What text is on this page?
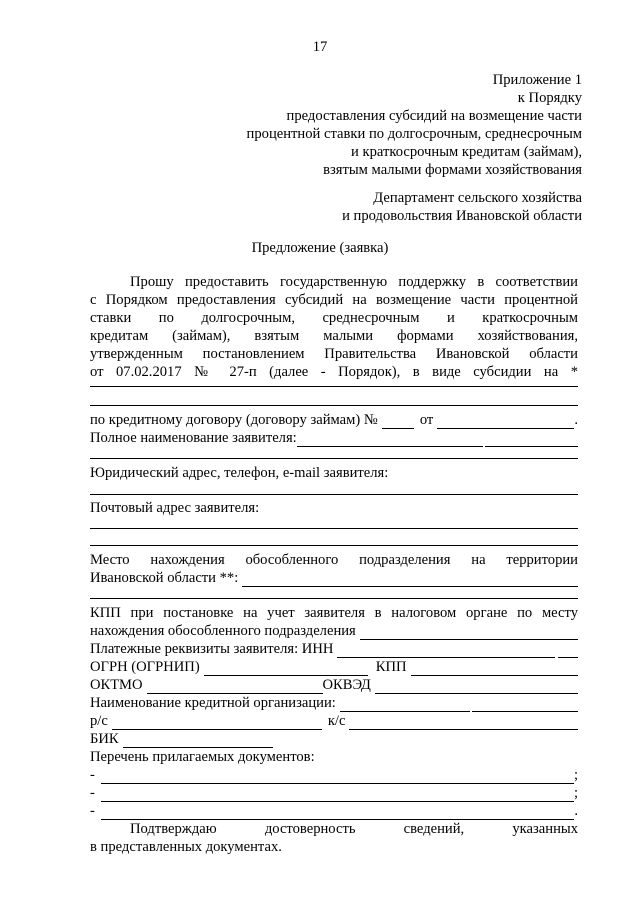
17
Приложение 1
к Порядку
предоставления субсидий на возмещение части
процентной ставки по долгосрочным, среднесрочным
и краткосрочным кредитам (займам),
взятым малыми формами хозяйствования
Департамент сельского хозяйства
и продовольствия Ивановской области
Предложение (заявка)
Прошу предоставить государственную поддержку в соответствии
с Порядком предоставления субсидий на возмещение части процентной
ставки по долгосрочным, среднесрочным и краткосрочным
кредитам (займам), взятым малыми формами хозяйствования,
утвержденным постановлением Правительства Ивановской области
от 07.02.2017 № 27-п (далее - Порядок), в виде субсидии на *
по кредитному договору (договору займам) №	от	.
Полное наименование заявителя:
Юридический адрес, телефон, e-mail заявителя:
Почтовый адрес заявителя:
Место нахождения обособленного подразделения на территории
Ивановской области **:
КПП при постановке на учет заявителя в налоговом органе по месту
нахождения обособленного подразделения
Платежные реквизиты заявителя: ИНН
ОГРН (ОГРНИП)	КПП
ОКТМО	ОКВЭД
Наименование кредитной организации:
р/с	к/с
БИК
Перечень прилагаемых документов:
-	;
-	;
-	.
Подтверждаю достоверность сведений, указанных
в представленных документах.
